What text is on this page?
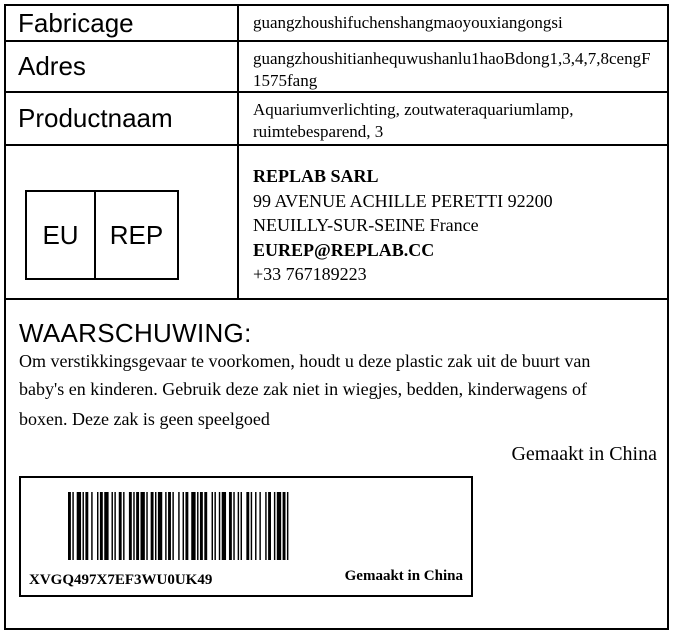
Fabricage	guangzhoushifuchenshangmaoyouxiangongsi
Adres	guangzhoushitianhequwushanlu1haoBdong1,3,4,7,8cengF1575fang
Productnaam	Aquariumverlichting, zoutwateraquariumlamp, ruimtebesparend, 3
EU	REP
REPLAB SARL
99 AVENUE ACHILLE PERETTI 92200
NEUILLY-SUR-SEINE France
EUREP@REPLAB.CC
+33 767189223
WAARSCHUWING:
Om verstikkingsgevaar te voorkomen, houdt u deze plastic zak uit de buurt van
baby's en kinderen. Gebruik deze zak niet in wiegjes, bedden, kinderwagens of
boxen. Deze zak is geen speelgoed
Gemaakt in China
XVGQ497X7EF3WU0UK49	Gemaakt in China
